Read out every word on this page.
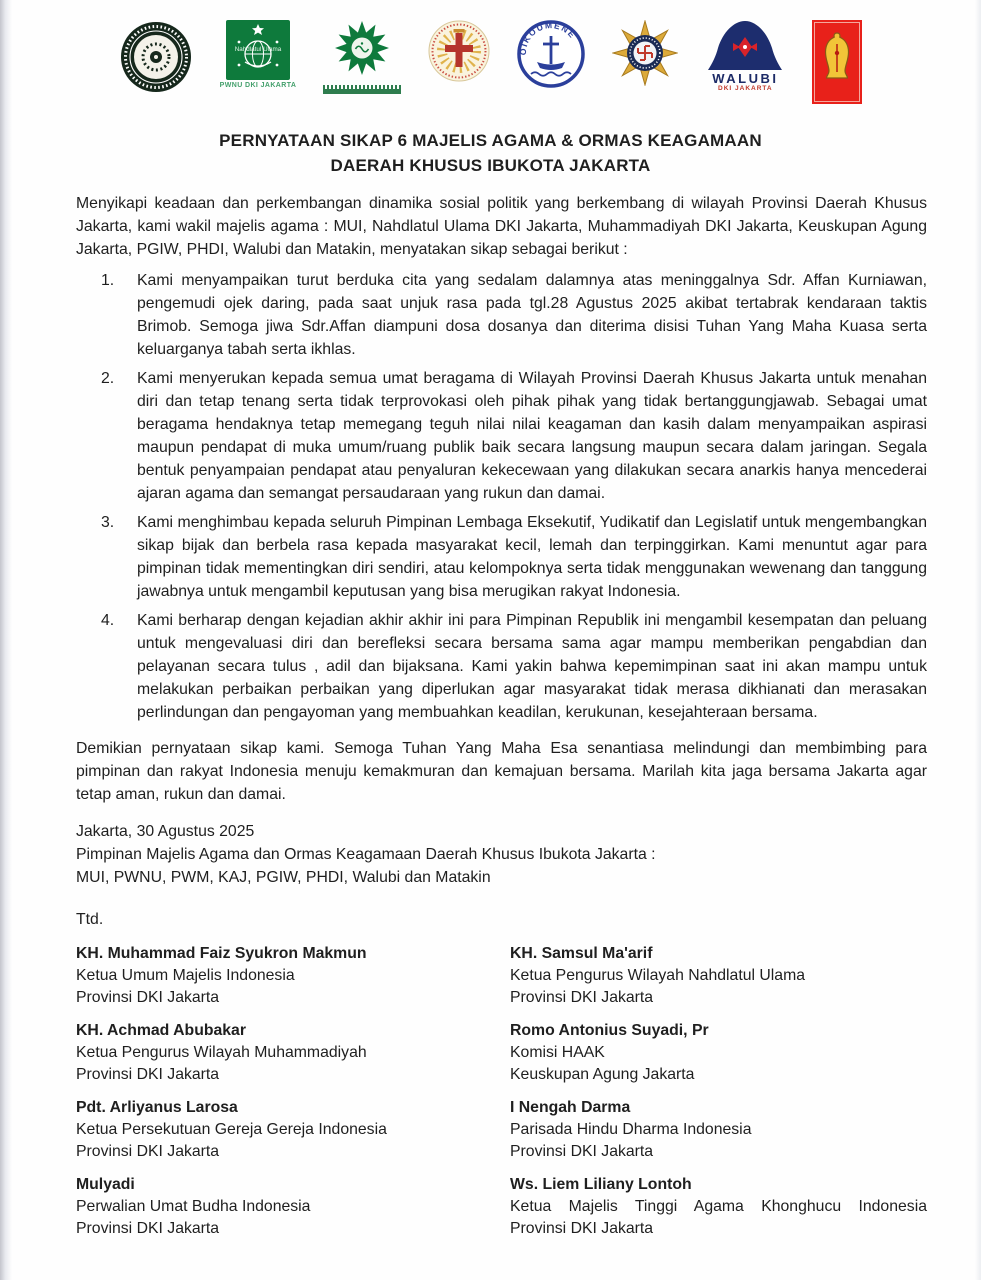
Nahdlatul Ulama
PWNU DKI JAKARTA
OIKOUMENE
WALUBI
DKI JAKARTA
PERNYATAAN SIKAP 6 MAJELIS AGAMA & ORMAS KEAGAMAAN
DAERAH KHUSUS IBUKOTA JAKARTA
Menyikapi keadaan dan perkembangan dinamika sosial politik yang berkembang di wilayah Provinsi Daerah Khusus Jakarta, kami wakil majelis agama : MUI, Nahdlatul Ulama DKI Jakarta, Muhammadiyah DKI Jakarta, Keuskupan Agung Jakarta, PGIW, PHDI, Walubi dan Matakin, menyatakan sikap sebagai berikut :
1.	Kami menyampaikan turut berduka cita yang sedalam dalamnya atas meninggalnya Sdr. Affan Kurniawan, pengemudi ojek daring, pada saat unjuk rasa pada tgl.28 Agustus 2025 akibat tertabrak kendaraan taktis Brimob. Semoga jiwa Sdr.Affan diampuni dosa dosanya dan diterima disisi Tuhan Yang Maha Kuasa serta keluarganya tabah serta ikhlas.
2.	Kami menyerukan kepada semua umat beragama di Wilayah Provinsi Daerah Khusus Jakarta untuk menahan diri dan tetap tenang serta tidak terprovokasi oleh pihak pihak yang tidak bertanggungjawab. Sebagai umat beragama hendaknya tetap memegang teguh nilai nilai keagaman dan kasih dalam menyampaikan aspirasi maupun pendapat di muka umum/ruang publik baik secara langsung maupun secara dalam jaringan. Segala bentuk penyampaian pendapat atau penyaluran kekecewaan yang dilakukan secara anarkis hanya mencederai ajaran agama dan semangat persaudaraan yang rukun dan damai.
3.	Kami menghimbau kepada seluruh Pimpinan Lembaga Eksekutif, Yudikatif dan Legislatif untuk mengembangkan sikap bijak dan berbela rasa kepada masyarakat kecil, lemah dan terpinggirkan. Kami menuntut agar para pimpinan tidak mementingkan diri sendiri, atau kelompoknya serta tidak menggunakan wewenang dan tanggung jawabnya untuk mengambil keputusan yang bisa merugikan rakyat Indonesia.
4.	Kami berharap dengan kejadian akhir akhir ini para Pimpinan Republik ini mengambil kesempatan dan peluang untuk mengevaluasi diri dan berefleksi secara bersama sama agar mampu memberikan pengabdian dan pelayanan secara tulus , adil dan bijaksana. Kami yakin bahwa kepemimpinan saat ini akan mampu untuk melakukan perbaikan perbaikan yang diperlukan agar masyarakat tidak merasa dikhianati dan merasakan perlindungan dan pengayoman yang membuahkan keadilan, kerukunan, kesejahteraan bersama.
Demikian pernyataan sikap kami. Semoga Tuhan Yang Maha Esa senantiasa melindungi dan membimbing para pimpinan dan rakyat Indonesia menuju kemakmuran dan kemajuan bersama. Marilah kita jaga bersama Jakarta agar tetap aman, rukun dan damai.
Jakarta, 30 Agustus 2025
Pimpinan Majelis Agama dan Ormas Keagamaan Daerah Khusus Ibukota Jakarta :
MUI, PWNU, PWM, KAJ, PGIW, PHDI, Walubi dan Matakin
Ttd.
KH. Muhammad Faiz Syukron Makmun
Ketua Umum Majelis Indonesia
Provinsi DKI Jakarta
KH. Samsul Ma'arif
Ketua Pengurus Wilayah Nahdlatul Ulama
Provinsi DKI Jakarta
KH. Achmad Abubakar
Ketua Pengurus Wilayah Muhammadiyah
Provinsi DKI Jakarta
Romo Antonius Suyadi, Pr
Komisi HAAK
Keuskupan Agung Jakarta
Pdt. Arliyanus Larosa
Ketua Persekutuan Gereja Gereja Indonesia
Provinsi DKI Jakarta
I Nengah Darma
Parisada Hindu Dharma Indonesia
Provinsi DKI Jakarta
Mulyadi
Perwalian Umat Budha Indonesia
Provinsi DKI Jakarta
Ws. Liem Liliany Lontoh
Ketua Majelis Tinggi Agama Khonghucu Indonesia
Provinsi DKI Jakarta
